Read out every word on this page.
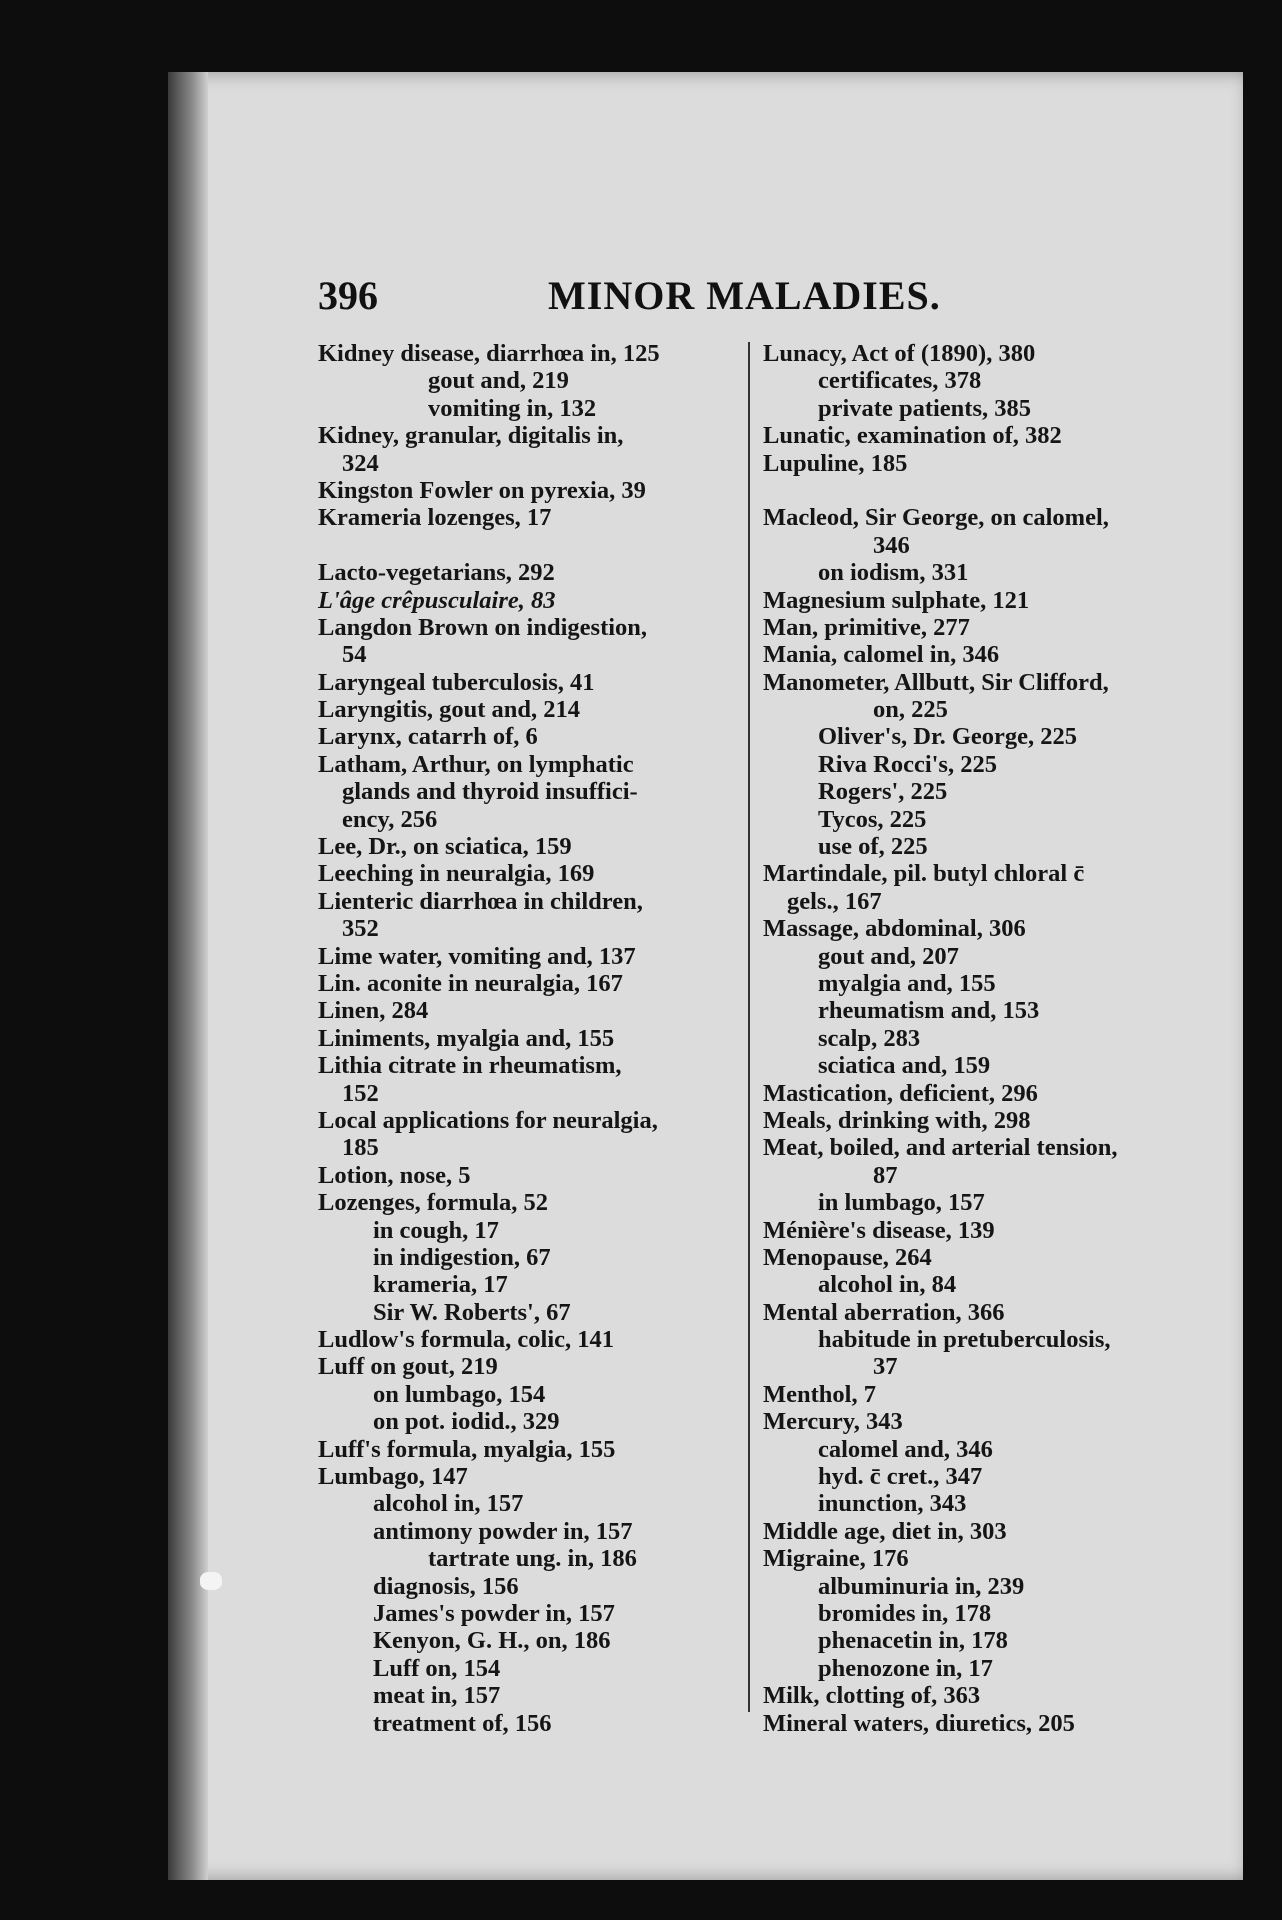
396	MINOR MALADIES.
Kidney disease, diarrhœa in, 125
gout and, 219
vomiting in, 132
Kidney, granular, digitalis in,
324
Kingston Fowler on pyrexia, 39
Krameria lozenges, 17
Lacto-vegetarians, 292
L'âge crêpusculaire, 83
Langdon Brown on indigestion,
54
Laryngeal tuberculosis, 41
Laryngitis, gout and, 214
Larynx, catarrh of, 6
Latham, Arthur, on lymphatic
glands and thyroid insuffici-
ency, 256
Lee, Dr., on sciatica, 159
Leeching in neuralgia, 169
Lienteric diarrhœa in children,
352
Lime water, vomiting and, 137
Lin. aconite in neuralgia, 167
Linen, 284
Liniments, myalgia and, 155
Lithia citrate in rheumatism,
152
Local applications for neuralgia,
185
Lotion, nose, 5
Lozenges, formula, 52
in cough, 17
in indigestion, 67
krameria, 17
Sir W. Roberts', 67
Ludlow's formula, colic, 141
Luff on gout, 219
on lumbago, 154
on pot. iodid., 329
Luff's formula, myalgia, 155
Lumbago, 147
alcohol in, 157
antimony powder in, 157
tartrate ung. in, 186
diagnosis, 156
James's powder in, 157
Kenyon, G. H., on, 186
Luff on, 154
meat in, 157
treatment of, 156
Lunacy, Act of (1890), 380
certificates, 378
private patients, 385
Lunatic, examination of, 382
Lupuline, 185
Macleod, Sir George, on calomel,
346
on iodism, 331
Magnesium sulphate, 121
Man, primitive, 277
Mania, calomel in, 346
Manometer, Allbutt, Sir Clifford,
on, 225
Oliver's, Dr. George, 225
Riva Rocci's, 225
Rogers', 225
Tycos, 225
use of, 225
Martindale, pil. butyl chloral c̄
gels., 167
Massage, abdominal, 306
gout and, 207
myalgia and, 155
rheumatism and, 153
scalp, 283
sciatica and, 159
Mastication, deficient, 296
Meals, drinking with, 298
Meat, boiled, and arterial tension,
87
in lumbago, 157
Ménière's disease, 139
Menopause, 264
alcohol in, 84
Mental aberration, 366
habitude in pretuberculosis,
37
Menthol, 7
Mercury, 343
calomel and, 346
hyd. c̄ cret., 347
inunction, 343
Middle age, diet in, 303
Migraine, 176
albuminuria in, 239
bromides in, 178
phenacetin in, 178
phenozone in, 17
Milk, clotting of, 363
Mineral waters, diuretics, 205
